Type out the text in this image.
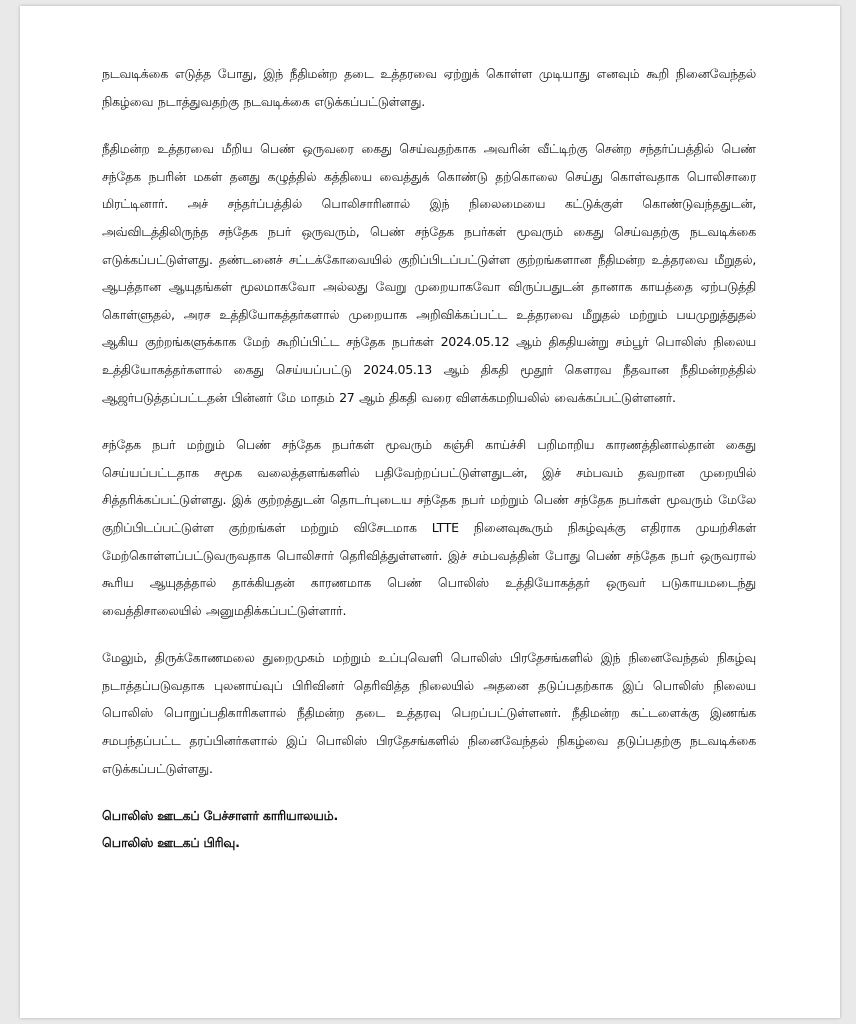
நடவடிக்கை எடுத்த போது, இந் நீதிமன்ற தடை உத்தரவை ஏற்றுக் கொள்ள முடியாது எனவும் கூறி நினைவேந்தல் நிகழ்வை நடாத்துவதற்கு நடவடிக்கை எடுக்கப்பட்டுள்ளது.

நீதிமன்ற உத்தரவை மீறிய பெண் ஒருவரை கைது செய்வதற்காக அவரின் வீட்டிற்கு சென்ற சந்தர்ப்பத்தில் பெண் சந்தேக நபரின் மகள் தனது கழுத்தில் கத்தியை வைத்துக் கொண்டு தற்கொலை செய்து கொள்வதாக பொலிசாரை மிரட்டினார். அச் சந்தர்ப்பத்தில் பொலிசாரினால் இந் நிலைமையை கட்டுக்குள் கொண்டுவந்ததுடன், அவ்விடத்திலிருந்த சந்தேக நபர் ஒருவரும், பெண் சந்தேக நபர்கள் மூவரும் கைது செய்வதற்கு நடவடிக்கை எடுக்கப்பட்டுள்ளது. தண்டனைச் சட்டக்கோவையில் குறிப்பிடப்பட்டுள்ள குற்றங்களான நீதிமன்ற உத்தரவை மீறுதல், ஆபத்தான ஆயுதங்கள் மூலமாகவோ அல்லது வேறு முறையாகவோ விருப்பதுடன் தானாக காயத்தை ஏற்படுத்தி கொள்ளுதல், அரச உத்தியோகத்தர்களால் முறையாக அறிவிக்கப்பட்ட உத்தரவை மீறுதல் மற்றும் பயமுறுத்துதல் ஆகிய குற்றங்களுக்காக மேற் கூறிப்பிட்ட சந்தேக நபர்கள் 2024.05.12 ஆம் திகதியன்று சம்பூர் பொலிஸ் நிலைய உத்தியோகத்தர்களால் கைது செய்யப்பட்டு 2024.05.13 ஆம் திகதி மூதூர் கௌரவ நீதவான நீதிமன்றத்தில் ஆஜர்படுத்தப்பட்டதன் பின்னர் மே மாதம் 27 ஆம் திகதி வரை விளக்கமறியலில் வைக்கப்பட்டுள்ளனர்.

சந்தேக நபர் மற்றும் பெண் சந்தேக நபர்கள் மூவரும் கஞ்சி காய்ச்சி பறிமாறிய காரணத்தினால்தான் கைது செய்யப்பட்டதாக சமூக வலைத்தளங்களில் பதிவேற்றப்பட்டுள்ளதுடன், இச் சம்பவம் தவறான முறையில் சித்தரிக்கப்பட்டுள்ளது. இக் குற்றத்துடன் தொடர்புடைய சந்தேக நபர் மற்றும் பெண் சந்தேக நபர்கள் மூவரும் மேலே குறிப்பிடப்பட்டுள்ள குற்றங்கள் மற்றும் விசேடமாக LTTE நினைவுகூரும் நிகழ்வுக்கு எதிராக முயற்சிகள் மேற்கொள்ளப்பட்டுவருவதாக பொலிசார் தெரிவித்துள்ளனர். இச் சம்பவத்தின் போது பெண் சந்தேக நபர் ஒருவரால் கூரிய ஆயுதத்தால் தாக்கியதன் காரணமாக பெண் பொலிஸ் உத்தியோகத்தர் ஒருவர் படுகாயமடைந்து வைத்திசாலையில் அனுமதிக்கப்பட்டுள்ளார்.

மேலும், திருக்கோணமலை துறைமுகம் மற்றும் உப்புவெளி பொலிஸ் பிரதேசங்களில் இந் நினைவேந்தல் நிகழ்வு நடாத்தப்படுவதாக புலனாய்வுப் பிரிவினர் தெரிவித்த நிலையில் அதனை தடுப்பதற்காக இப் பொலிஸ் நிலைய பொலிஸ் பொறுப்பதிகாரிகளால் நீதிமன்ற தடை உத்தரவு பெறப்பட்டுள்ளனர். நீதிமன்ற கட்டளைக்கு இணங்க சமபந்தப்பட்ட தரப்பினர்களால் இப் பொலிஸ் பிரதேசங்களில் நினைவேந்தல் நிகழ்வை தடுப்பதற்கு நடவடிக்கை எடுக்கப்பட்டுள்ளது.

பொலிஸ் ஊடகப் பேச்சாளர் காரியாலயம்.
பொலிஸ் ஊடகப் பிரிவு.
